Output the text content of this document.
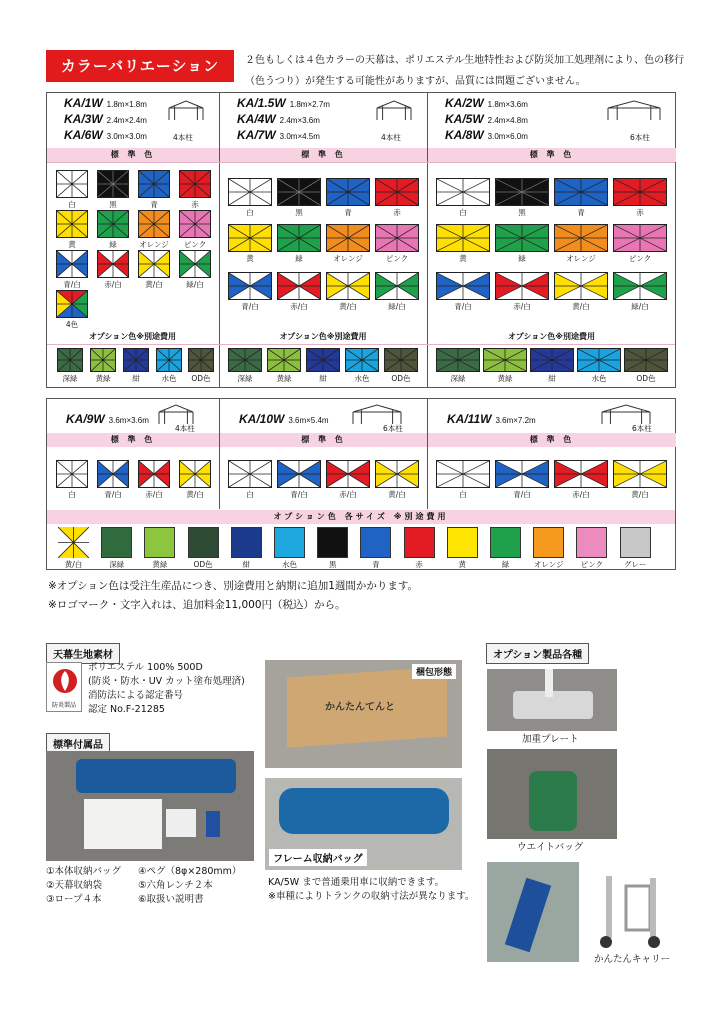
カラーバリエーション	２色もしくは４色カラーの天幕は、ポリエステル生地特性および防災加工処理剤により、色の移行（色うつり）が発生する可能性がありますが、品質には問題ございません。
KA/1W 1.8m×1.8m
KA/3W 2.4m×2.4m
KA/6W 3.0m×3.0m	4本柱
標 準 色
オプション色※別途費用
KA/1.5W 1.8m×2.7m
KA/4W 2.4m×3.6m
KA/7W 3.0m×4.5m	4本柱
標 準 色
オプション色※別途費用
KA/2W 1.8m×3.6m
KA/5W 2.4m×4.8m
KA/8W 3.0m×6.0m	6本柱
標 準 色
オプション色※別途費用
白	黒	青	赤
黄	緑	オレンジ	ピンク
青/白	赤/白	黄/白	緑/白
4色
白	黒	青	赤
黄	緑	オレンジ	ピンク
青/白	赤/白	黄/白	緑/白
白	黒	青	赤
黄	緑	オレンジ	ピンク
青/白	赤/白	黄/白	緑/白
深緑	黄緑	紺	水色	OD色	深緑	黄緑	紺	水色	OD色	深緑	黄緑	紺	水色	OD色
KA/9W 3.6m×3.6m
4本柱
標 準 色
KA/10W 3.6m×5.4m
6本柱
標 準 色
KA/11W 3.6m×7.2m
6本柱
標 準 色
白	青/白	赤/白	黄/白	白	青/白	赤/白	黄/白	白	青/白	赤/白	黄/白
オプション色 各サイズ ※別途費用
黄/白	深緑	黄緑	OD色	紺	水色	黒	青	赤	黄	緑	オレンジ	ピンク	グレー
※オプション色は受注生産品につき、別途費用と納期に追加1週間かかります。
※ロゴマーク・文字入れは、追加料金11,000円（税込）から。
天幕生地素材
防炎製品
ポリエステル 100% 500D
(防炎・防水・UV カット塗布処理済)
消防法による認定番号
認定 No.F-21285
標準付属品
①本体収納バッグ ④ペグ（8φ×280mm）
②天幕収納袋	⑤六角レンチ２本
③ロープ４本	⑥取扱い説明書
かんたんてんと
梱包形態
フレーム収納バッグ
KA/5W まで普通乗用車に収納できます。
※車種によりトランクの収納寸法が異なります。
オプション製品各種
加重プレート
ウエイトバッグ
かんたんキャリー
